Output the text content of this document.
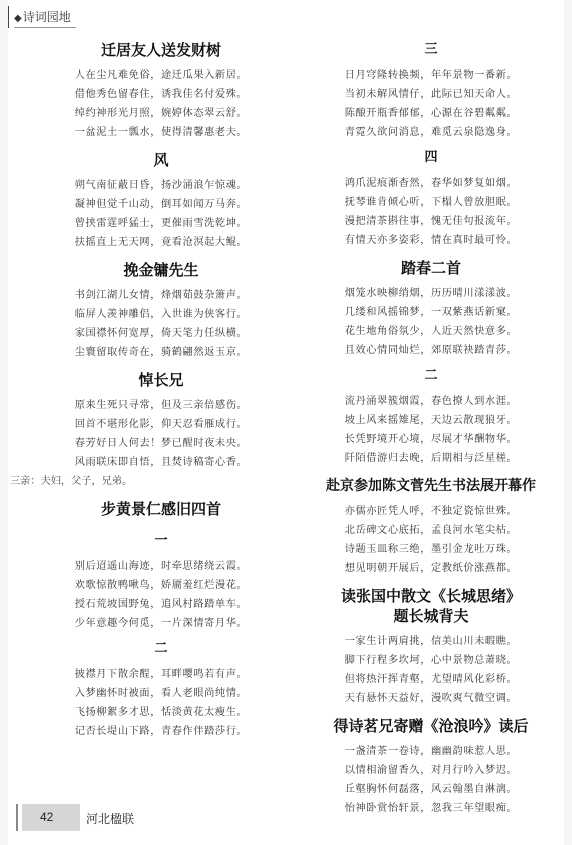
◆诗词园地

迁居友人送发财树

人在尘凡难免俗，途迁瓜果入新居。
借他秀色留春住，诱我佳名付爱殊。
绰约神形光月照，婉婷体态翠云舒。
一盆泥土一瓢水，使得清馨惠老夫。

风

朔气南征蔽日昏，扬沙涌浪乍惊魂。
凝神但觉千山动，倒耳如闻万马奔。
曾挟雷霆呼猛士，更催雨雪洗乾坤。
扶摇直上无天网，竟看沧溟起大鲲。

挽金镛先生

书剑江湖儿女情，烽烟茹鼓杂箫声。
临屏人羡神雕侣，入世谁为侠客行。
家国襟怀何宽厚，倚天笔力任纵横。
尘寰留取传奇在，骑鹤翩然返玉京。

悼长兄

原来生死只寻常，但及三亲倍感伤。
回首不堪形化影，仰天忍看雁成行。
春芳好日人何去！梦已醒时夜未央。
风雨联床即自悟，且焚诗稿寄心香。
三亲：夫妇，父子，兄弟。

步黄景仁感旧四首

一

别后迢遥山海迹，时牵思绪绕云霞。
欢歌惊散鸭啾鸟，娇靥羞红烂漫花。
授石荒坡国野兔，追风村路踏单车。
少年意趣今何觅，一片深情寄月华。

二

披襟月下散余酲，耳畔嘤鸣若有声。
入梦幽怀时被面，看人老眼尚纯情。
飞扬柳絮多才思，恬淡黄花太瘦生。
记否长堤山下路，青春作伴踏莎行。

三

日月穹隆转换频，年年景物一番新。
当初未解风情仔，此际已知天命人。
陈酿开瓶香郁郁，心源在谷碧粼粼。
青霓久欲问消息，难觅云泉隐逸身。

四

鸿爪泥痕渐杳然，春华如梦复如烟。
抚琴谁肯倾心听，下榻人曾放胆眠。
漫把清茶斟往事，愧无佳句报流年。
有情天亦多姿彩，情在真时最可怜。

踏春二首

烟笼水映柳绡烟，历历晴川漾漾波。
几缕和风摇锦梦，一双紫燕话新窠。
花生地角俗氛少，人近天然快意多。
且效心情同灿烂，郊原联袂踏青莎。

二

流丹涌翠簇烟霞，春色撩人到水涯。
坡上风来摇雉尾，天边云散现狼牙。
长凭野境开心境，尽展才华酬物华。
阡陌借游归去晚，后期相与泛星槎。

赴京参加陈文菅先生书法展开幕作

亦儒亦匠凭人呼，不独定瓷惊世殊。
北岳碑文心底拓，孟良河水笔尖枯。
诗题玉皿称三绝，墨引金龙吐万珠。
想见明朝开展后，定教纸价涨燕都。

读张国中散文《长城思绪》

题长城背夫

一家生计两肩挑，信美山川未暇瞧。
脚下行程多坎坷，心中景物总萧晓。
但将热汗挥青壑，尤望晴风化彩桥。
天有悬怀天益好，漫吹爽气微空调。

得诗茗兄寄赠《沧浪吟》读后

一盏清茶一卷诗，幽幽韵味惹人思。
以情相渝留香久，对月行吟入梦迟。
丘壑胸怀何磊落，风云翰墨自淋漓。
怡神卧赏怡轩景，忽我三年望眼痴。
42	河北楹联
